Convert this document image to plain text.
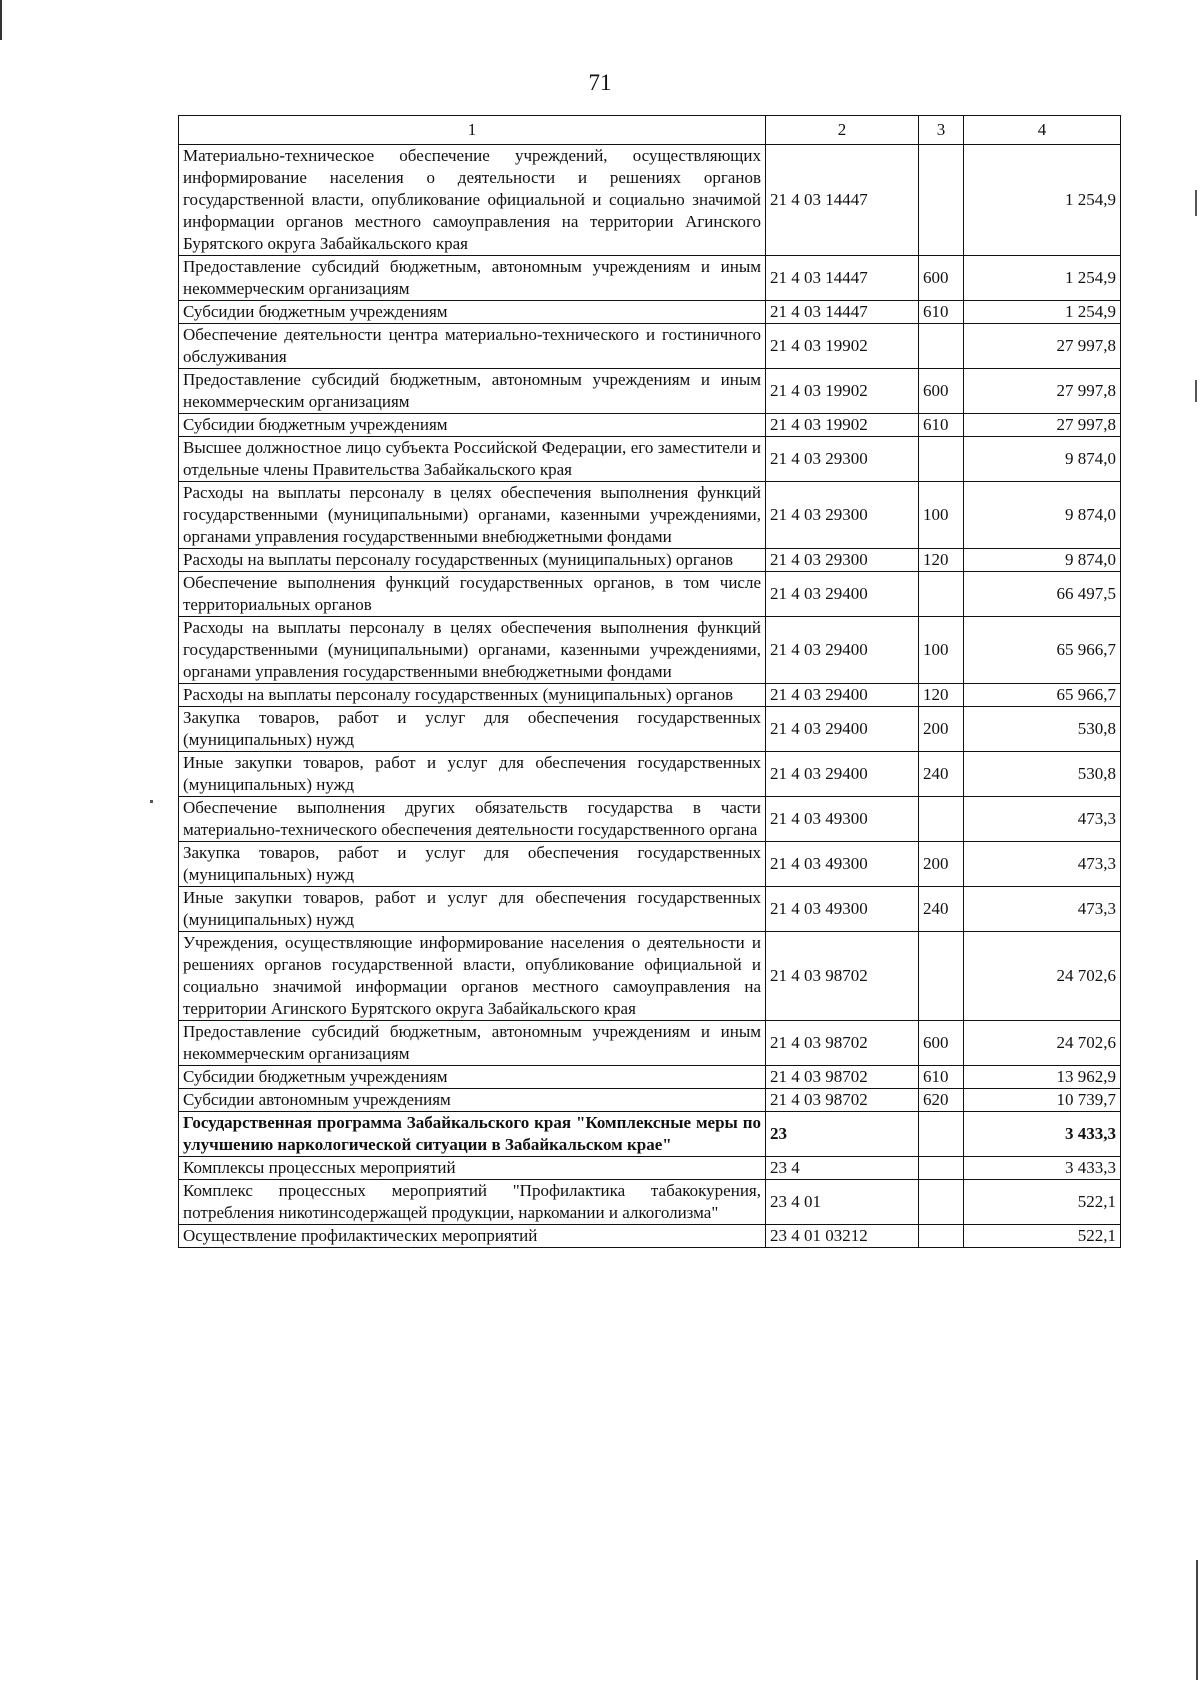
71
1	2	3	4
Материально-техническое обеспечение учреждений, осуществляющих информирование населения о деятельности и решениях органов государственной власти, опубликование официальной и социально значимой информации органов местного самоуправления на территории Агинского Бурятского округа Забайкальского края	21 4 03 14447		1 254,9
Предоставление субсидий бюджетным, автономным учреждениям и иным некоммерческим организациям	21 4 03 14447	600	1 254,9
Субсидии бюджетным учреждениям	21 4 03 14447	610	1 254,9
Обеспечение деятельности центра материально-технического и гостиничного обслуживания	21 4 03 19902		27 997,8
Предоставление субсидий бюджетным, автономным учреждениям и иным некоммерческим организациям	21 4 03 19902	600	27 997,8
Субсидии бюджетным учреждениям	21 4 03 19902	610	27 997,8
Высшее должностное лицо субъекта Российской Федерации, его заместители и отдельные члены Правительства Забайкальского края	21 4 03 29300		9 874,0
Расходы на выплаты персоналу в целях обеспечения выполнения функций государственными (муниципальными) органами, казенными учреждениями, органами управления государственными внебюджетными фондами	21 4 03 29300	100	9 874,0
Расходы на выплаты персоналу государственных (муниципальных) органов	21 4 03 29300	120	9 874,0
Обеспечение выполнения функций государственных органов, в том числе территориальных органов	21 4 03 29400		66 497,5
Расходы на выплаты персоналу в целях обеспечения выполнения функций государственными (муниципальными) органами, казенными учреждениями, органами управления государственными внебюджетными фондами	21 4 03 29400	100	65 966,7
Расходы на выплаты персоналу государственных (муниципальных) органов	21 4 03 29400	120	65 966,7
Закупка товаров, работ и услуг для обеспечения государственных (муниципальных) нужд	21 4 03 29400	200	530,8
Иные закупки товаров, работ и услуг для обеспечения государственных (муниципальных) нужд	21 4 03 29400	240	530,8
Обеспечение выполнения других обязательств государства в части материально-технического обеспечения деятельности государственного органа	21 4 03 49300		473,3
Закупка товаров, работ и услуг для обеспечения государственных (муниципальных) нужд	21 4 03 49300	200	473,3
Иные закупки товаров, работ и услуг для обеспечения государственных (муниципальных) нужд	21 4 03 49300	240	473,3
Учреждения, осуществляющие информирование населения о деятельности и решениях органов государственной власти, опубликование официальной и социально значимой информации органов местного самоуправления на территории Агинского Бурятского округа Забайкальского края	21 4 03 98702		24 702,6
Предоставление субсидий бюджетным, автономным учреждениям и иным некоммерческим организациям	21 4 03 98702	600	24 702,6
Субсидии бюджетным учреждениям	21 4 03 98702	610	13 962,9
Субсидии автономным учреждениям	21 4 03 98702	620	10 739,7
Государственная программа Забайкальского края "Комплексные меры по улучшению наркологической ситуации в Забайкальском крае"	23		3 433,3
Комплексы процессных мероприятий	23 4		3 433,3
Комплекс процессных мероприятий "Профилактика табакокурения, потребления никотинсодержащей продукции, наркомании и алкоголизма"	23 4 01		522,1
Осуществление профилактических мероприятий	23 4 01 03212		522,1
